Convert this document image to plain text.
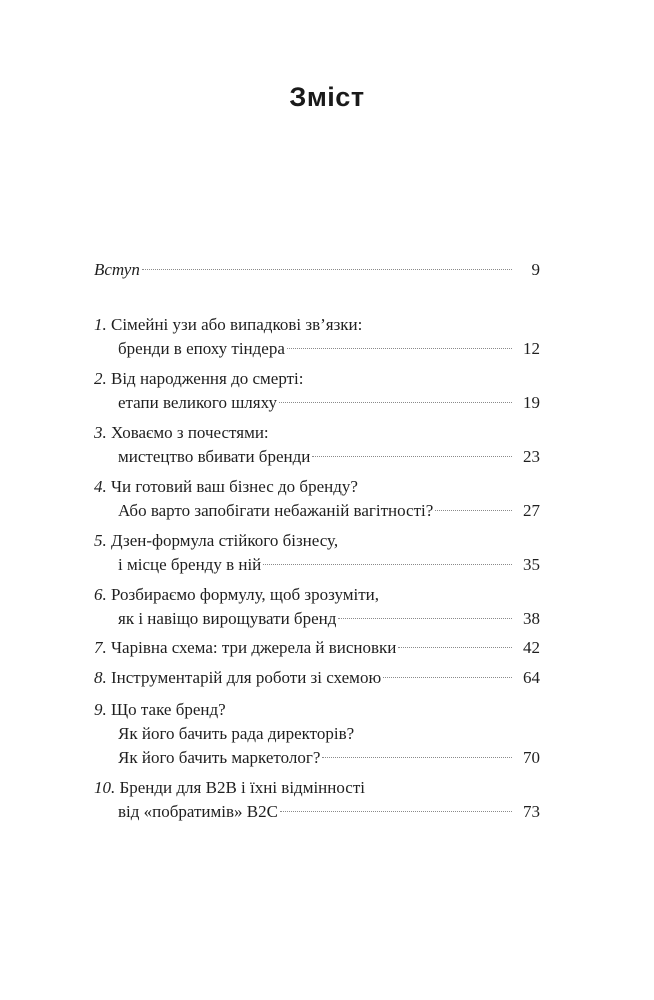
Зміст
Вступ	9
1. Сімейні узи або випадкові зв’язки:
бренди в епоху тіндера	12
2. Від народження до смерті:
етапи великого шляху	19
3. Ховаємо з почестями:
мистецтво вбивати бренди	23
4. Чи готовий ваш бізнес до бренду?
Або варто запобігати небажаній вагітності?	27
5. Дзен-формула стійкого бізнесу,
і місце бренду в ній	35
6. Розбираємо формулу, щоб зрозуміти,
як і навіщо вирощувати бренд	38
7. Чарівна схема: три джерела й висновки	42
8. Інструментарій для роботи зі схемою	64
9. Що таке бренд?
Як його бачить рада директорів?
Як його бачить маркетолог?	70
10. Бренди для B2B і їхні відмінності
від «побратимів» B2C	73
